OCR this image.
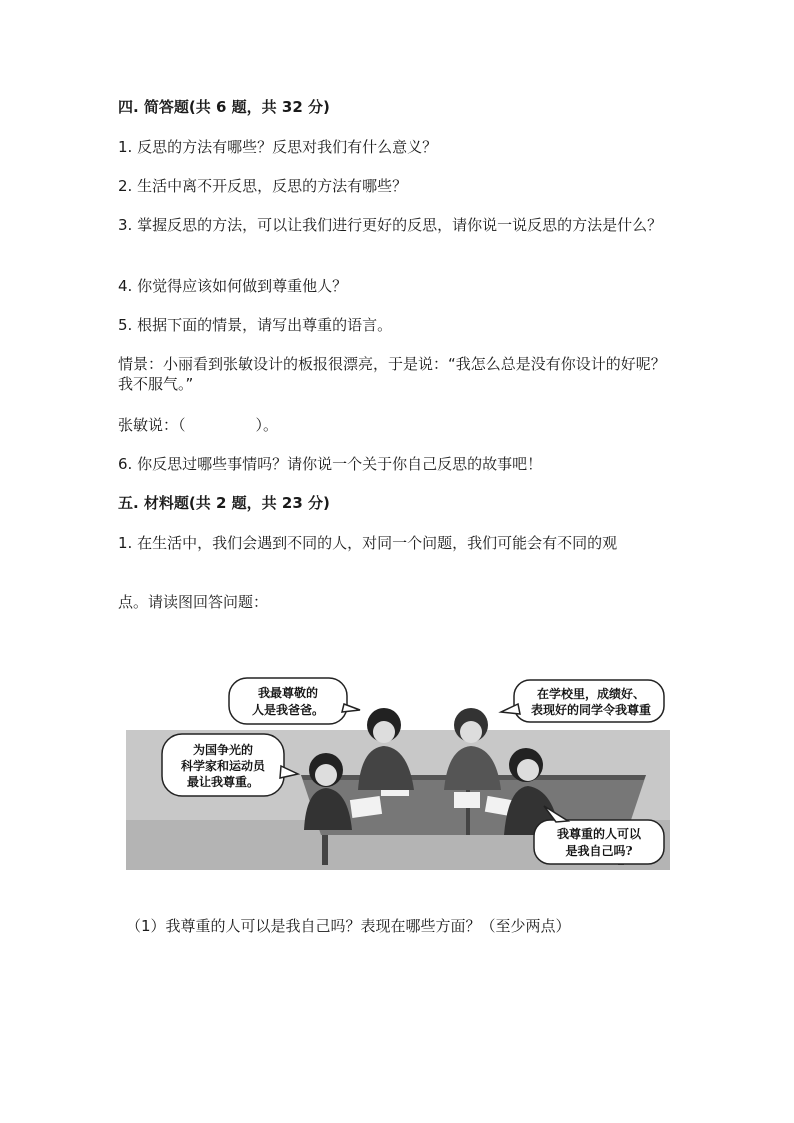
四. 简答题(共 6 题，共 32 分)
1. 反思的方法有哪些？反思对我们有什么意义？
2. 生活中离不开反思，反思的方法有哪些？
3. 掌握反思的方法，可以让我们进行更好的反思，请你说一说反思的方法是什么？
4. 你觉得应该如何做到尊重他人？
5. 根据下面的情景，请写出尊重的语言。
情景：小丽看到张敏设计的板报很漂亮，于是说：“我怎么总是没有你设计的好呢？我不服气。”
张敏说：（	）。
6. 你反思过哪些事情吗？请你说一个关于你自己反思的故事吧！
五. 材料题(共 2 题，共 23 分)
1. 在生活中，我们会遇到不同的人，对同一个问题，我们可能会有不同的观
点。请读图回答问题：
我最尊敬的
人是我爸爸。
在学校里，成绩好、
表现好的同学令我尊重
为国争光的
科学家和运动员
最让我尊重。
我尊重的人可以
是我自己吗?
（1）我尊重的人可以是我自己吗？表现在哪些方面？（至少两点）
